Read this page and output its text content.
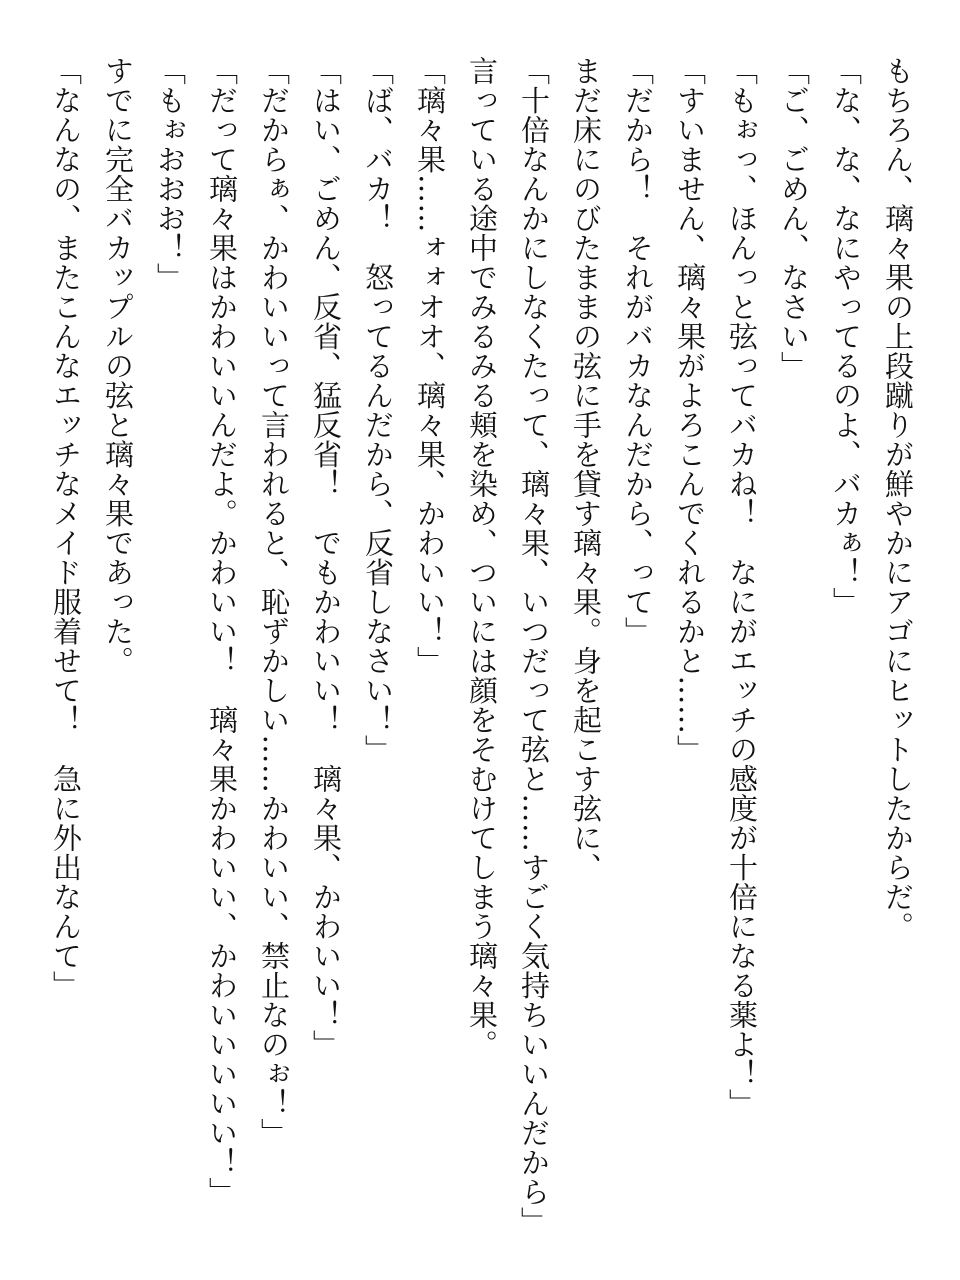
もちろん、璃々果の上段蹴りが鮮やかにアゴにヒットしたからだ。
「な、な、なにやってるのよ、バカぁ！」
「ご、ごめん、なさい」
「もぉっ、ほんっと弦ってバカね！　なにがエッチの感度が十倍になる薬よ！」
「すいません、璃々果がよろこんでくれるかと……」
「だから！　それがバカなんだから、って」
まだ床にのびたままの弦に手を貸す璃々果。身を起こす弦に、
「十倍なんかにしなくたって、璃々果、いつだって弦と……すごく気持ちいいんだから」
言っている途中でみるみる頬を染め、ついには顔をそむけてしまう璃々果。
「璃々果……ォォオオ、璃々果、かわいい！」
「ば、バカ！　怒ってるんだから、反省しなさい！」
「はい、ごめん、反省、猛反省！　でもかわいい！　璃々果、かわいい！」
「だからぁ、かわいいって言われると、恥ずかしい……かわいい、禁止なのぉ！」
「だって璃々果はかわいいんだよ。かわいい！　璃々果かわいい、かわいいいいい！」
「もぉおおお！」
すでに完全バカップルの弦と璃々果であった。
「なんなの、またこんなエッチなメイド服着せて！　急に外出なんて」
